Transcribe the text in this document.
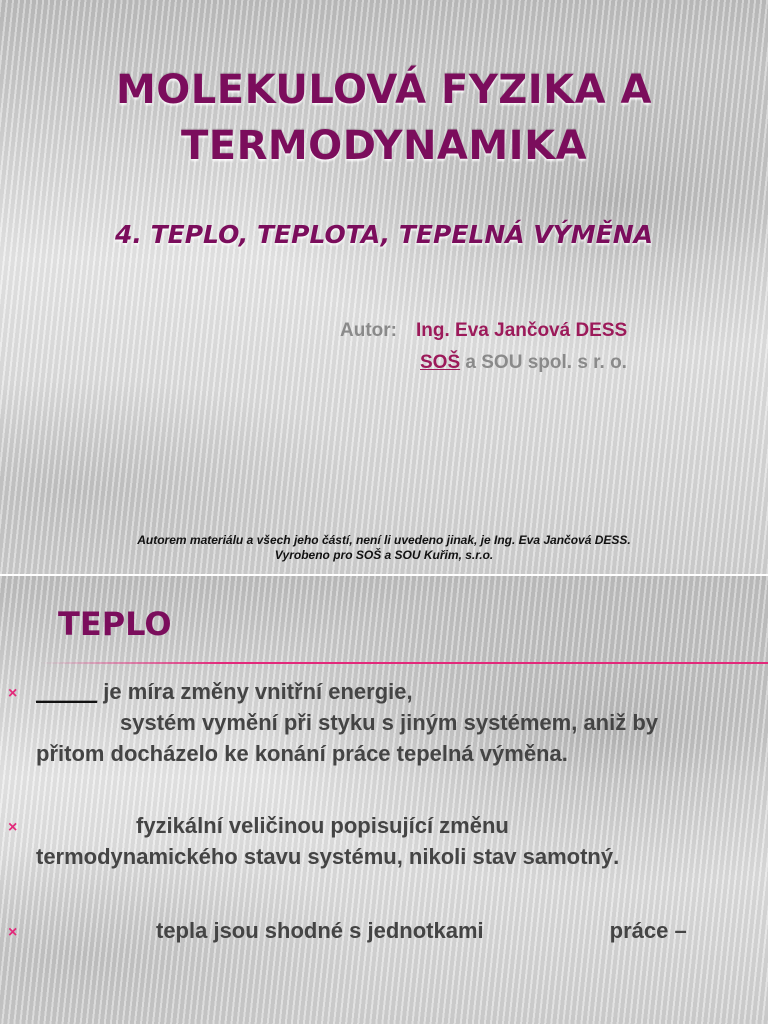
MOLEKULOVÁ FYZIKA A
TERMODYNAMIKA
4. TEPLO, TEPLOTA, TEPELNÁ VÝMĚNA
Autor: Ing. Eva Jančová DESS
SOŠ a SOU spol. s r. o.
Autorem materiálu a všech jeho částí, není li uvedeno jinak, je Ing. Eva Jančová DESS.
Vyrobeno pro SOŠ a SOU Kuřim, s.r.o.
TEPLO
× _____ je míra změny vnitřní energie,
systém vymění při styku s jiným systémem, aniž by
přitom docházelo ke konání práce tepelná výměna.
×	fyzikální veličinou popisující změnu
termodynamického stavu systému, nikoli stav samotný.
×	tepla jsou shodné s jednotkami	práce –
